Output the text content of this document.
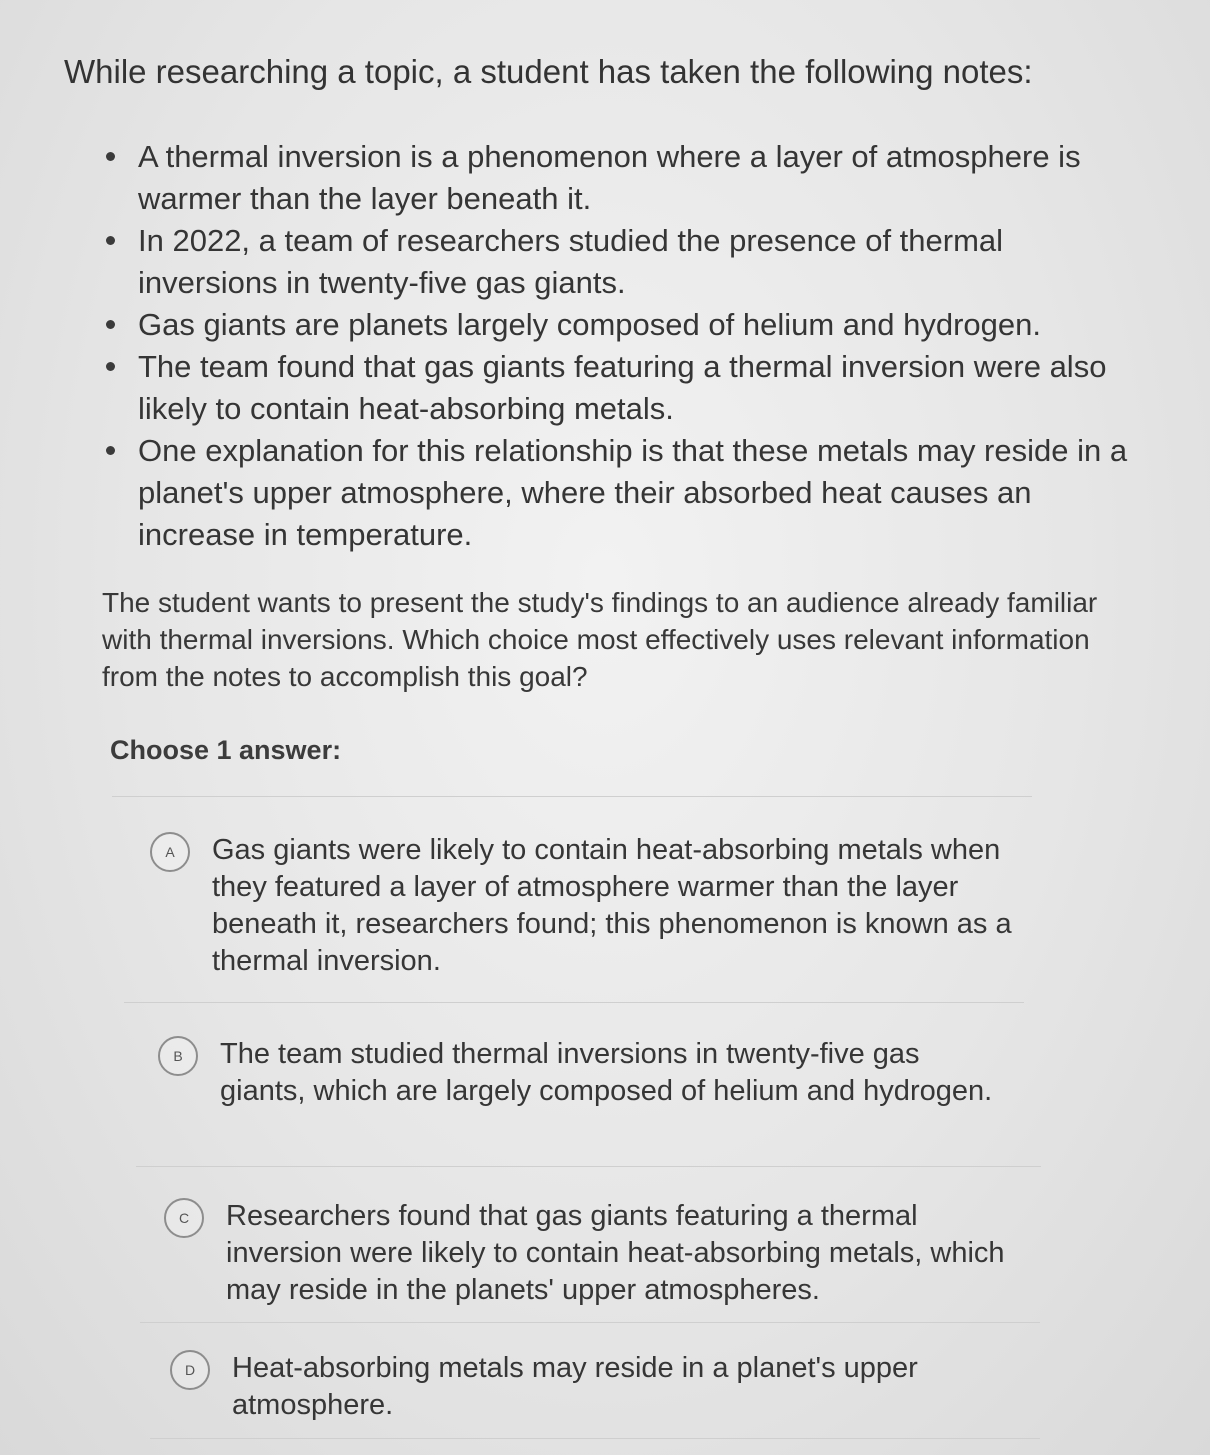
While researching a topic, a student has taken the following notes:

A thermal inversion is a phenomenon where a layer of atmosphere is warmer than the layer beneath it.
In 2022, a team of researchers studied the presence of thermal inversions in twenty-five gas giants.
Gas giants are planets largely composed of helium and hydrogen.
The team found that gas giants featuring a thermal inversion were also likely to contain heat-absorbing metals.
One explanation for this relationship is that these metals may reside in a planet's upper atmosphere, where their absorbed heat causes an increase in temperature.

The student wants to present the study's findings to an audience already familiar with thermal inversions. Which choice most effectively uses relevant information from the notes to accomplish this goal?

Choose 1 answer:

A	Gas giants were likely to contain heat-absorbing metals when they featured a layer of atmosphere warmer than the layer beneath it, researchers found; this phenomenon is known as a thermal inversion.
B	The team studied thermal inversions in twenty-five gas giants, which are largely composed of helium and hydrogen.
C	Researchers found that gas giants featuring a thermal inversion were likely to contain heat-absorbing metals, which may reside in the planets' upper atmospheres.
D	Heat-absorbing metals may reside in a planet's upper atmosphere.
